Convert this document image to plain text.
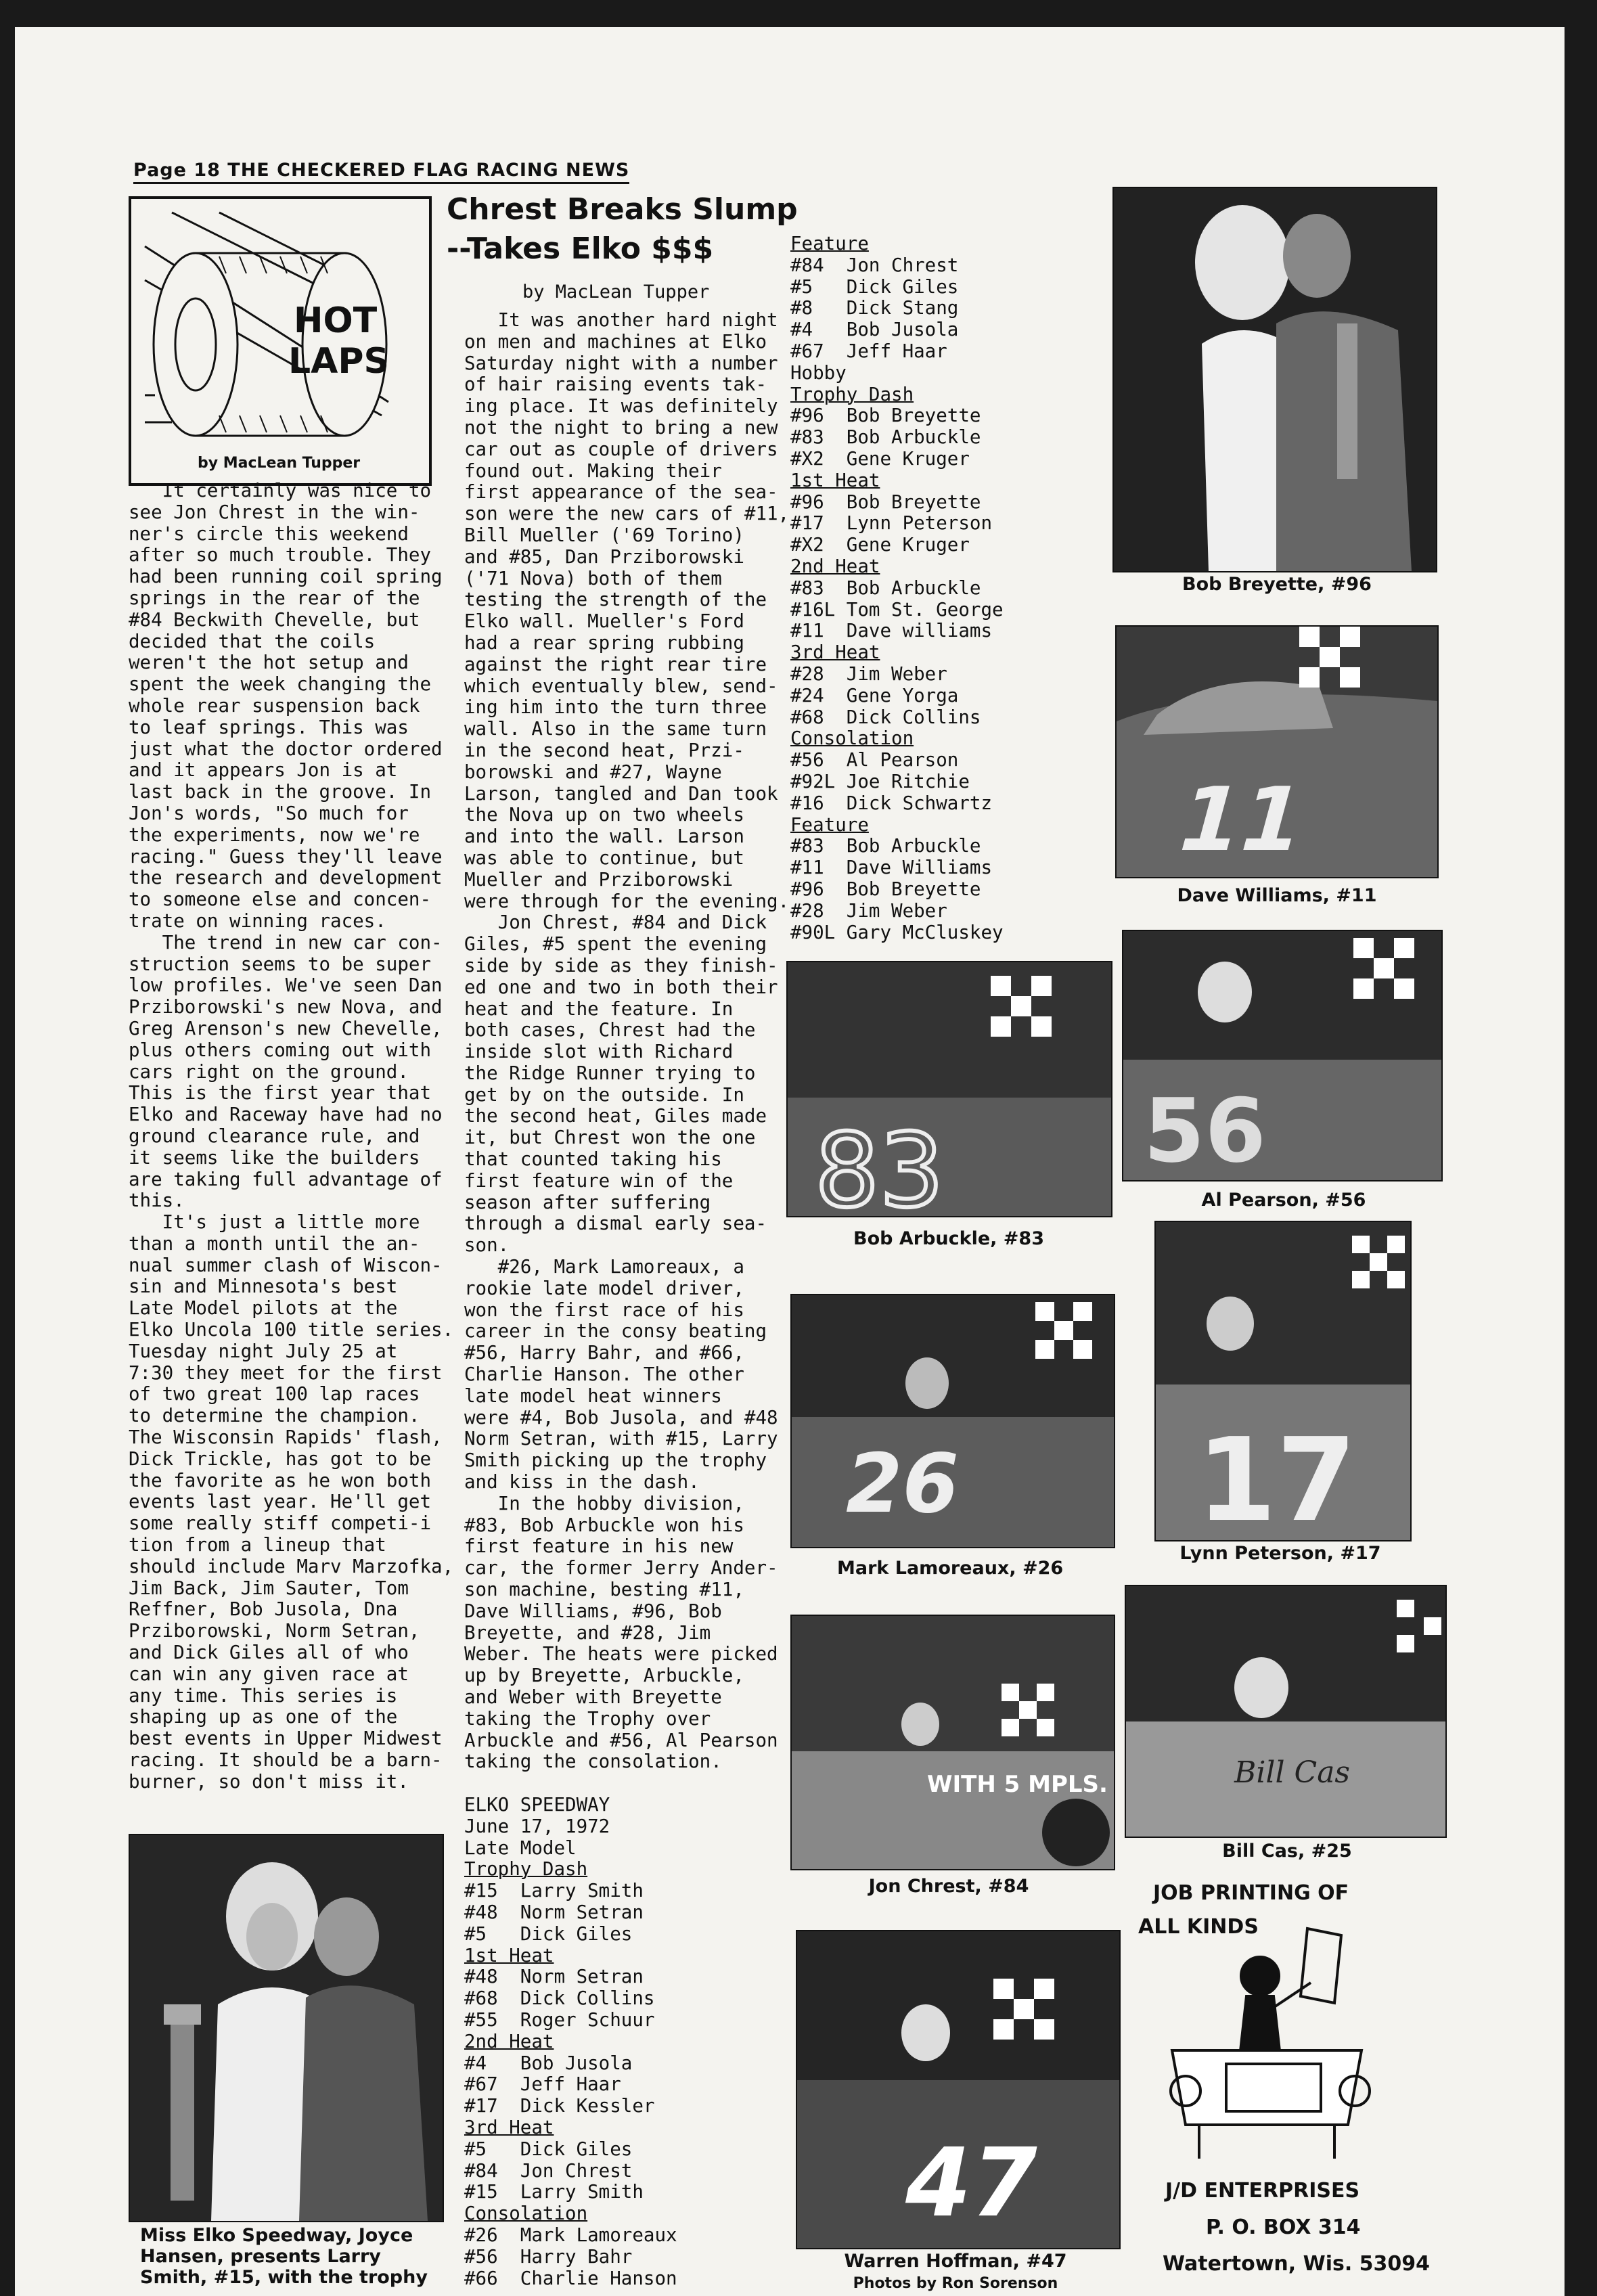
Page 18 THE CHECKERED FLAG RACING NEWS
HOT
LAPS
by MacLean Tupper
It certainly was nice to
see Jon Chrest in the win-
ner's circle this weekend
after so much trouble. They
had been running coil spring
springs in the rear of the
#84 Beckwith Chevelle, but
decided that the coils
weren't the hot setup and
spent the week changing the
whole rear suspension back
to leaf springs. This was
just what the doctor ordered
and it appears Jon is at
last back in the groove. In
Jon's words, "So much for
the experiments, now we're
racing." Guess they'll leave
the research and development
to someone else and concen-
trate on winning races.
The trend in new car con-
struction seems to be super
low profiles. We've seen Dan
Prziborowski's new Nova, and
Greg Arenson's new Chevelle,
plus others coming out with
cars right on the ground.
This is the first year that
Elko and Raceway have had no
ground clearance rule, and
it seems like the builders
are taking full advantage of
this.
It's just a little more
than a month until the an-
nual summer clash of Wiscon-
sin and Minnesota's best
Late Model pilots at the
Elko Uncola 100 title series.
Tuesday night July 25 at
7:30 they meet for the first
of two great 100 lap races
to determine the champion.
The Wisconsin Rapids' flash,
Dick Trickle, has got to be
the favorite as he won both
events last year. He'll get
some really stiff competi-i
tion from a lineup that
should include Marv Marzofka,
Jim Back, Jim Sauter, Tom
Reffner, Bob Jusola, Dna
Prziborowski, Norm Setran,
and Dick Giles all of who
can win any given race at
any time. This series is
shaping up as one of the
best events in Upper Midwest
racing. It should be a barn-
burner, so don't miss it.
Miss Elko Speedway, Joyce
Hansen, presents Larry
Smith, #15, with the trophy
Chrest Breaks Slump
--Takes Elko $$$
by MacLean Tupper
It was another hard night
on men and machines at Elko
Saturday night with a number
of hair raising events tak-
ing place. It was definitely
not the night to bring a new
car out as couple of drivers
found out. Making their
first appearance of the sea-
son were the new cars of #11,
Bill Mueller ('69 Torino)
and #85, Dan Prziborowski
('71 Nova) both of them
testing the strength of the
Elko wall. Mueller's Ford
had a rear spring rubbing
against the right rear tire
which eventually blew, send-
ing him into the turn three
wall. Also in the same turn
in the second heat, Przi-
borowski and #27, Wayne
Larson, tangled and Dan took
the Nova up on two wheels
and into the wall. Larson
was able to continue, but
Mueller and Prziborowski
were through for the evening.
Jon Chrest, #84 and Dick
Giles, #5 spent the evening
side by side as they finish-
ed one and two in both their
heat and the feature. In
both cases, Chrest had the
inside slot with Richard
the Ridge Runner trying to
get by on the outside. In
the second heat, Giles made
it, but Chrest won the one
that counted taking his
first feature win of the
season after suffering
through a dismal early sea-
son.
#26, Mark Lamoreaux, a
rookie late model driver,
won the first race of his
career in the consy beating
#56, Harry Bahr, and #66,
Charlie Hanson. The other
late model heat winners
were #4, Bob Jusola, and #48
Norm Setran, with #15, Larry
Smith picking up the trophy
and kiss in the dash.
In the hobby division,
#83, Bob Arbuckle won his
first feature in his new
car, the former Jerry Ander-
son machine, besting #11,
Dave Williams, #96, Bob
Breyette, and #28, Jim
Weber. The heats were picked
up by Breyette, Arbuckle,
and Weber with Breyette
taking the Trophy over
Arbuckle and #56, Al Pearson
taking the consolation.
ELKO SPEEDWAY
June 17, 1972
Late Model
Trophy Dash
#15  Larry Smith
#48  Norm Setran
#5   Dick Giles
1st Heat
#48  Norm Setran
#68  Dick Collins
#55  Roger Schuur
2nd Heat
#4   Bob Jusola
#67  Jeff Haar
#17  Dick Kessler
3rd Heat
#5   Dick Giles
#84  Jon Chrest
#15  Larry Smith
Consolation
#26  Mark Lamoreaux
#56  Harry Bahr
#66  Charlie Hanson
Feature
#84  Jon Chrest
#5   Dick Giles
#8   Dick Stang
#4   Bob Jusola
#67  Jeff Haar
Hobby
Trophy Dash
#96  Bob Breyette
#83  Bob Arbuckle
#X2  Gene Kruger
1st Heat
#96  Bob Breyette
#17  Lynn Peterson
#X2  Gene Kruger
2nd Heat
#83  Bob Arbuckle
#16L Tom St. George
#11  Dave williams
3rd Heat
#28  Jim Weber
#24  Gene Yorga
#68  Dick Collins
Consolation
#56  Al Pearson
#92L Joe Ritchie
#16  Dick Schwartz
Feature
#83  Bob Arbuckle
#11  Dave Williams
#96  Bob Breyette
#28  Jim Weber
#90L Gary McCluskey
Bob Breyette, #96
11
Dave Williams, #11
83
Bob Arbuckle, #83
56
Al Pearson, #56
17
Lynn Peterson, #17
26
Mark Lamoreaux, #26
WITH 5 MPLS.
Jon Chrest, #84
Bill Cas
Bill Cas, #25
47
Warren Hoffman, #47
Photos by Ron Sorenson
JOB PRINTING OF
ALL KINDS
J/D ENTERPRISES
P. O. BOX 314
Watertown, Wis. 53094
